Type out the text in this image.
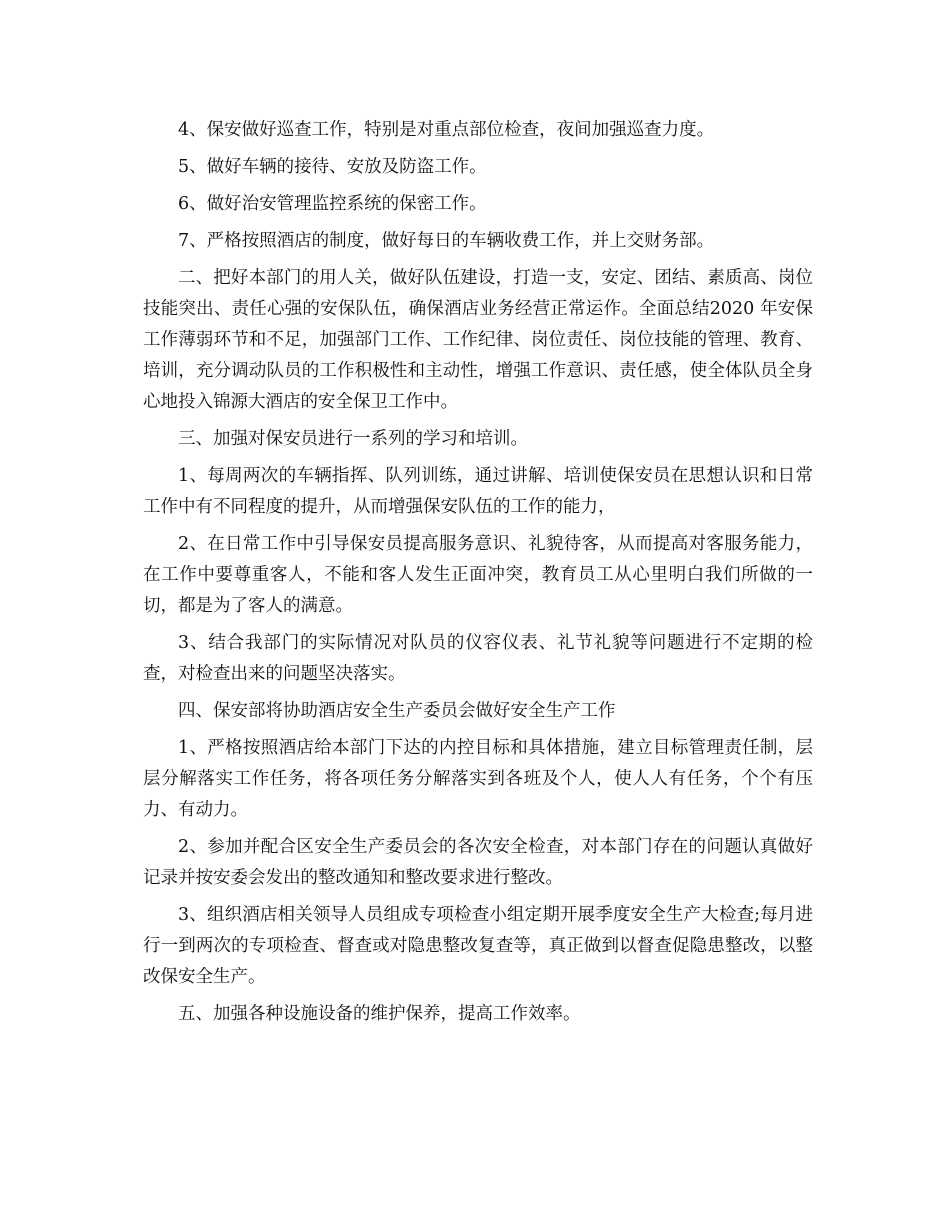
4、保安做好巡查工作，特别是对重点部位检查，夜间加强巡查力度。

5、做好车辆的接待、安放及防盗工作。

6、做好治安管理监控系统的保密工作。

7、严格按照酒店的制度，做好每日的车辆收费工作，并上交财务部。

二、把好本部门的用人关，做好队伍建设，打造一支，安定、团结、素质高、岗位技能突出、责任心强的安保队伍，确保酒店业务经营正常运作。全面总结2020 年安保工作薄弱环节和不足，加强部门工作、工作纪律、岗位责任、岗位技能的管理、教育、培训，充分调动队员的工作积极性和主动性，增强工作意识、责任感，使全体队员全身心地投入锦源大酒店的安全保卫工作中。

三、加强对保安员进行一系列的学习和培训。

1、每周两次的车辆指挥、队列训练，通过讲解、培训使保安员在思想认识和日常工作中有不同程度的提升，从而增强保安队伍的工作的能力，

2、在日常工作中引导保安员提高服务意识、礼貌待客，从而提高对客服务能力，在工作中要尊重客人，不能和客人发生正面冲突，教育员工从心里明白我们所做的一切，都是为了客人的满意。

3、结合我部门的实际情况对队员的仪容仪表、礼节礼貌等问题进行不定期的检查，对检查出来的问题坚决落实。

四、保安部将协助酒店安全生产委员会做好安全生产工作

1、严格按照酒店给本部门下达的内控目标和具体措施，建立目标管理责任制，层层分解落实工作任务，将各项任务分解落实到各班及个人，使人人有任务，个个有压力、有动力。

2、参加并配合区安全生产委员会的各次安全检查，对本部门存在的问题认真做好记录并按安委会发出的整改通知和整改要求进行整改。

3、组织酒店相关领导人员组成专项检查小组定期开展季度安全生产大检查;每月进行一到两次的专项检查、督查或对隐患整改复查等，真正做到以督查促隐患整改，以整改保安全生产。

五、加强各种设施设备的维护保养，提高工作效率。
